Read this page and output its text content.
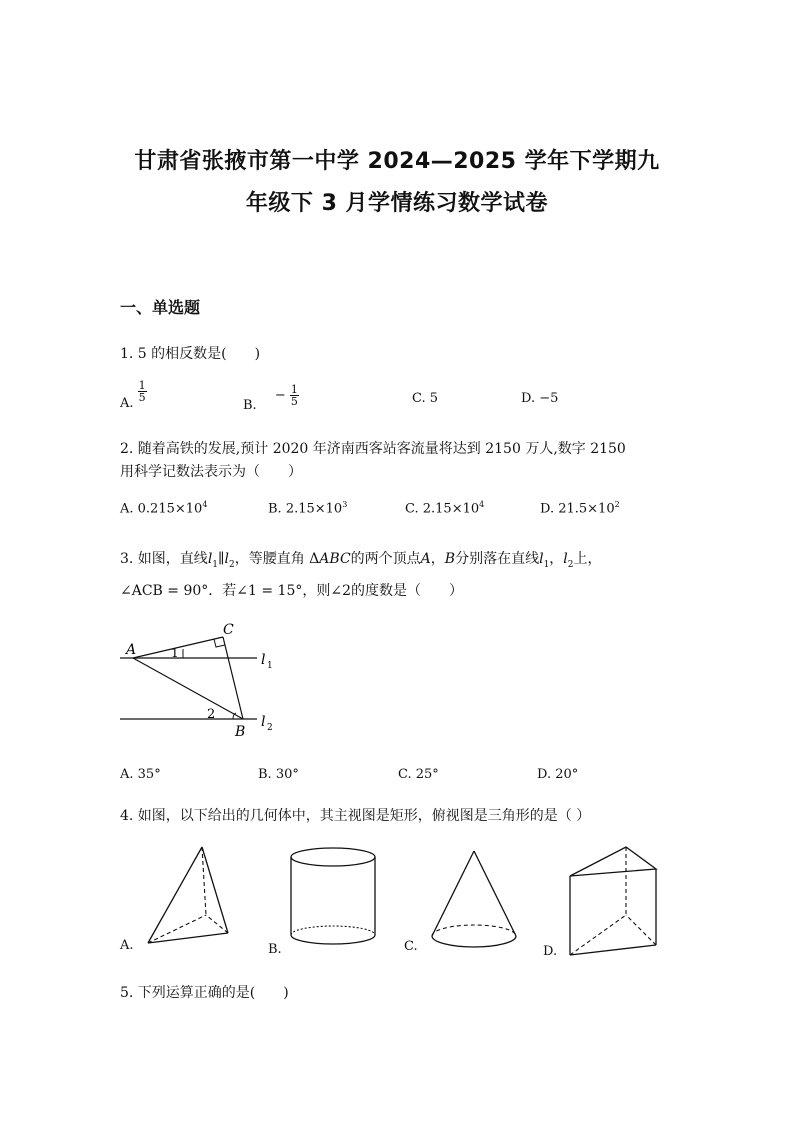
甘肃省张掖市第一中学 2024—2025 学年下学期九
年级下 3 月学情练习数学试卷
一、单选题
1. 5 的相反数是(　　)
A.
$\frac{1}{5}$
B. − $\frac{1}{5}$	C. 5	D. −5
2. 随着高铁的发展,预计 2020 年济南西客站客流量将达到 2150 万人,数字 2150
用科学记数法表示为（　　）
A. $0.215\times 10^4$	B. $2.15\times 10^3$	C. $2.15\times 10^4$	D. $21.5\times 10^2$
3. 如图，直线$l_1\parallel l_2$，等腰直角 ΔABC的两个顶点A，B分别落在直线$l_1$，$l_2$上，
∠ACB = 90°．若∠1 = 15°，则∠2的度数是（　　）
A
C
B
1
2
l 1
l 2
A. 35°	B. 30°	C. 25°	D. 20°
4. 如图，以下给出的几何体中，其主视图是矩形，俯视图是三角形的是（ ）
A.	B.	C.	D.
5. 下列运算正确的是(　　)
